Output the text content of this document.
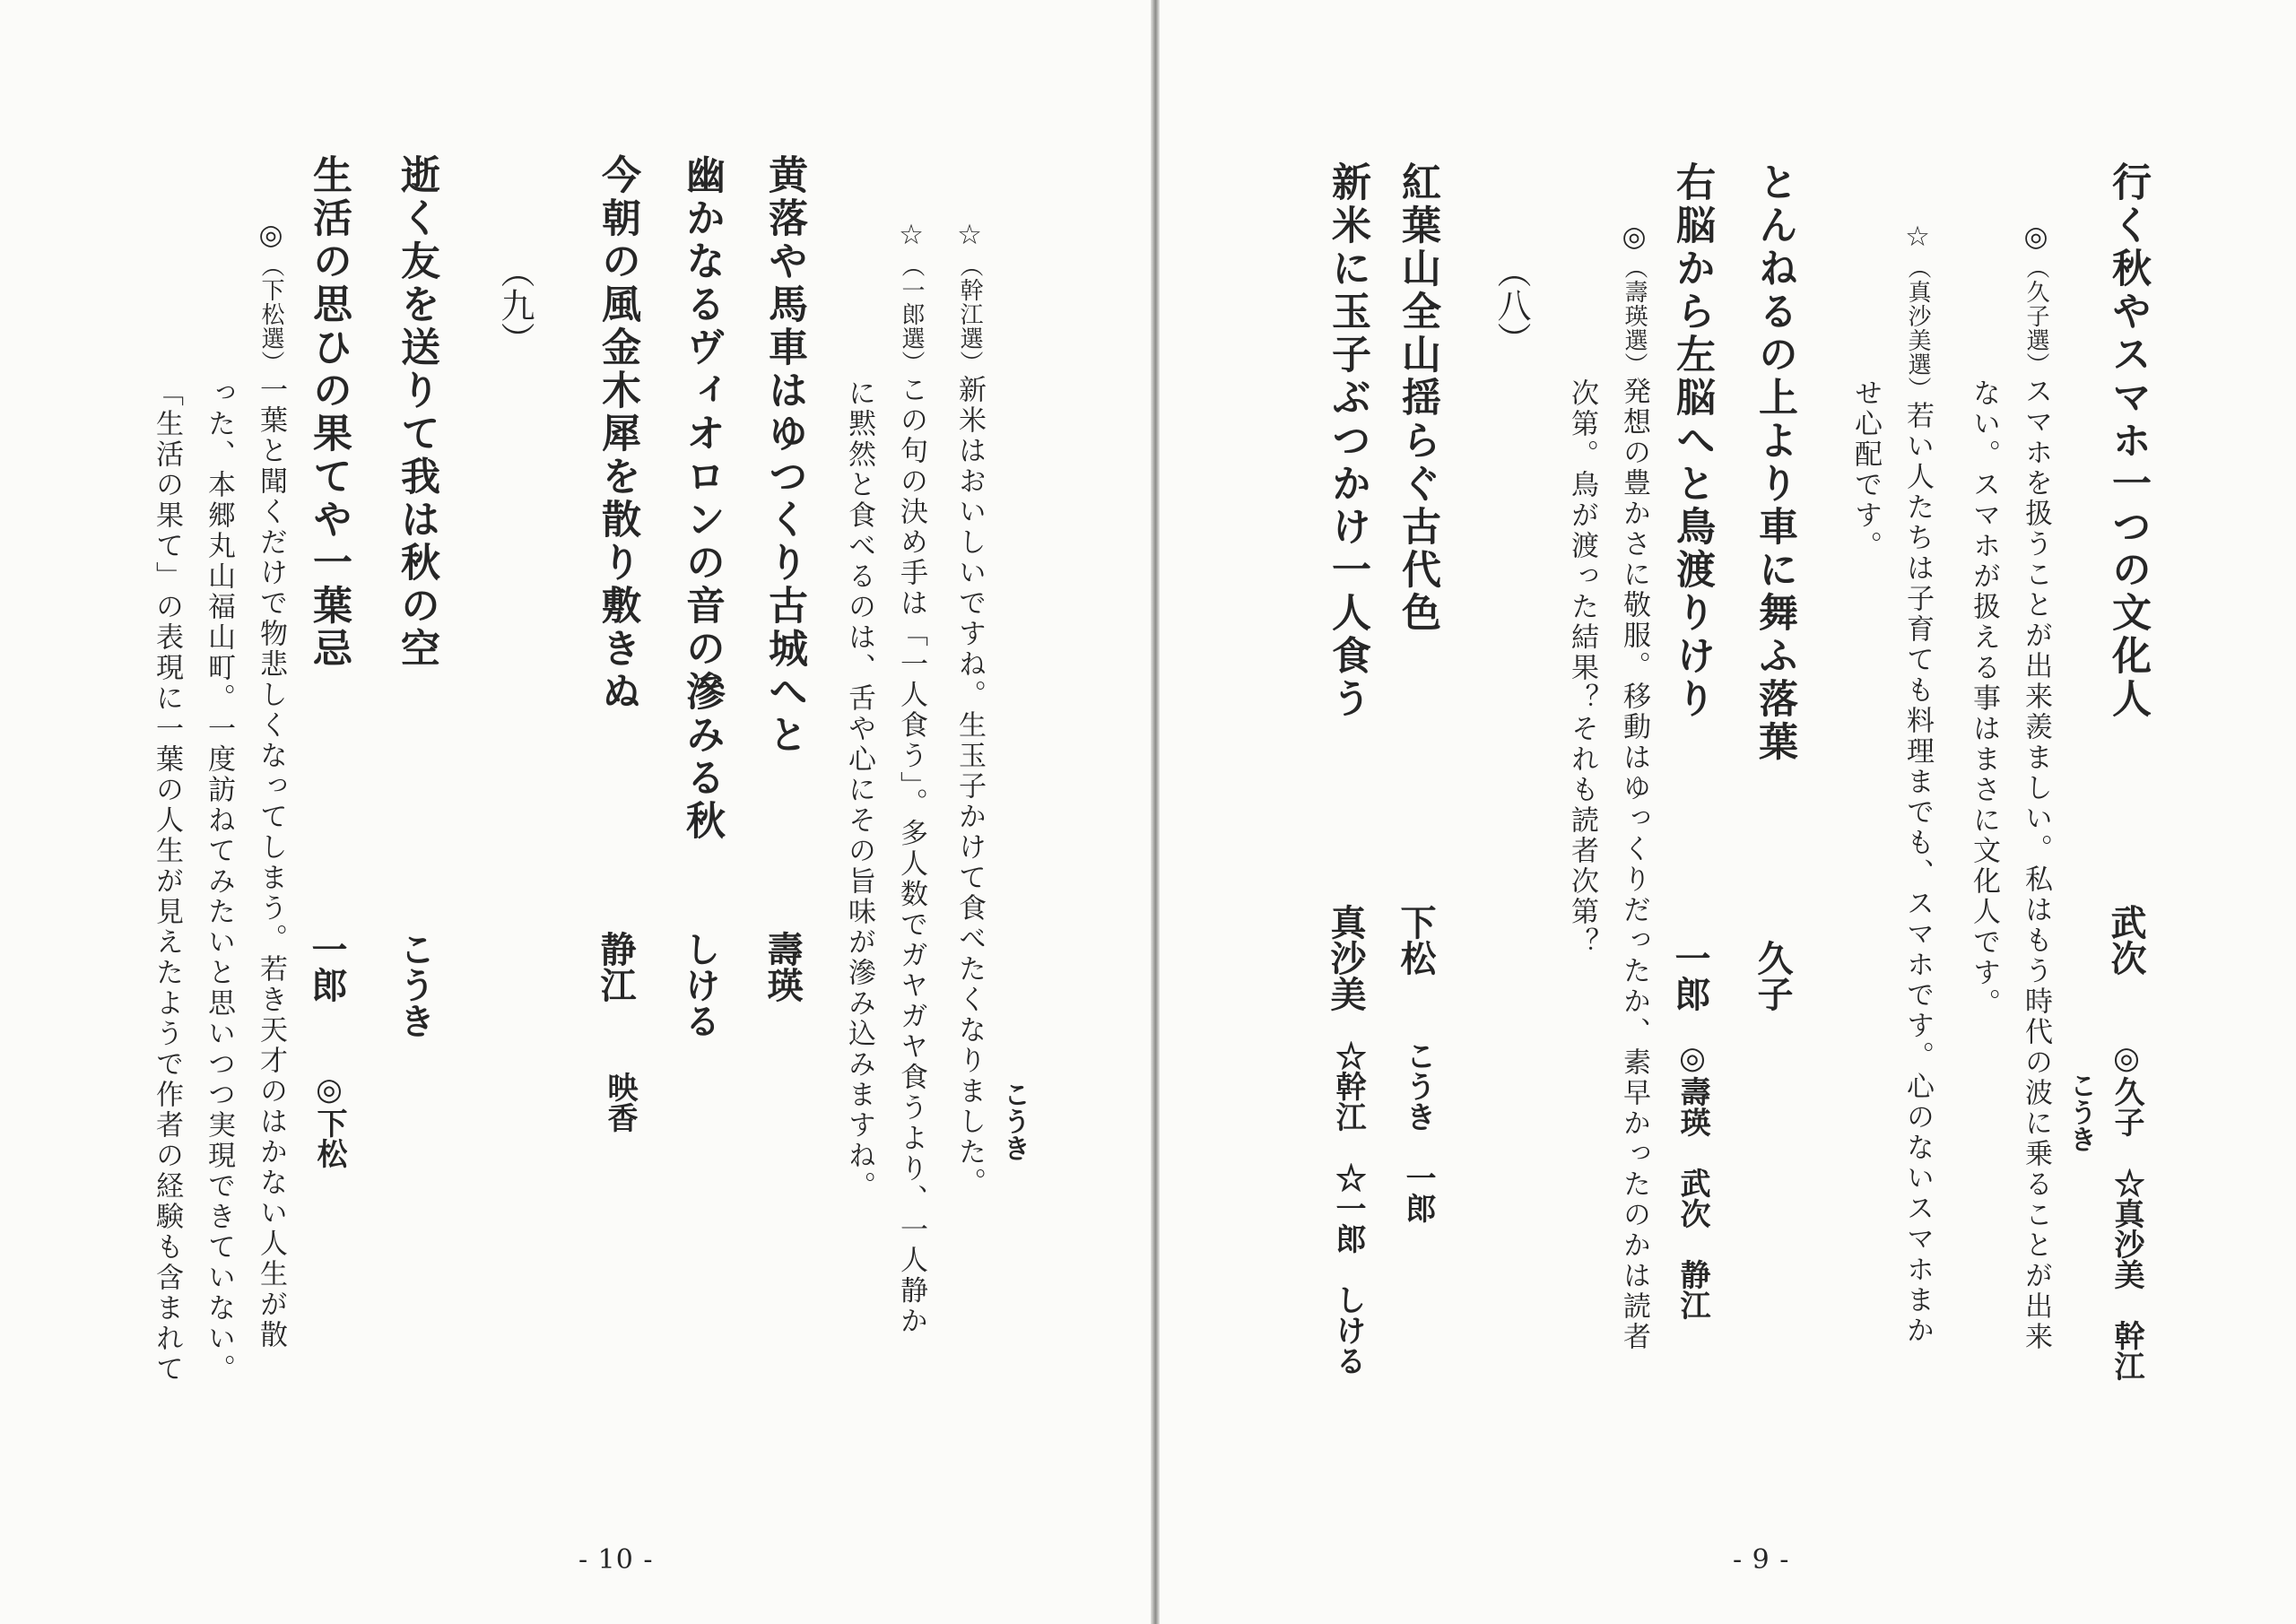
☆（幹江選）新米はおいしいですね。生玉子かけて食べたくなりました。 こうき
☆（一郎選）この句の決め手は「一人食う」。多人数でガヤガヤ食うより、一人静か
に黙然と食べるのは、舌や心にその旨味が滲み込みますね。
黄落や馬車はゆつくり古城へと
壽瑛
幽かなるヴィオロンの音の滲みる秋
しける
今朝の風金木犀を散り敷きぬ
静江
映香
（九）
逝く友を送りて我は秋の空
こうき
生活の思ひの果てや一葉忌
一郎
◎下松
◎（下松選）一葉と聞くだけで物悲しくなってしまう。若き天才のはかない人生が散
った、本郷丸山福山町。一度訪ねてみたいと思いつつ実現できていない。
「生活の果て」の表現に一葉の人生が見えたようで作者の経験も含まれて
- 10 -
行く秋やスマホ一つの文化人
武次
◎久子　☆真沙美　幹江
こうき
◎（久子選）スマホを扱うことが出来羨ましい。私はもう時代の波に乗ることが出来
ない。スマホが扱える事はまさに文化人です。
☆（真沙美選）若い人たちは子育ても料理までも、スマホです。心のないスマホまか
せ心配です。
とんねるの上より車に舞ふ落葉
久子
右脳から左脳へと鳥渡りけり
一郎
◎壽瑛　武次　静江
◎（壽瑛選）発想の豊かさに敬服。移動はゆっくりだったか、素早かったのかは読者
次第。鳥が渡った結果？それも読者次第？
（八）
紅葉山全山揺らぐ古代色
下松
こうき　一郎
新米に玉子ぶつかけ一人食う
真沙美
☆幹江　☆一郎　しける
- 9 -
